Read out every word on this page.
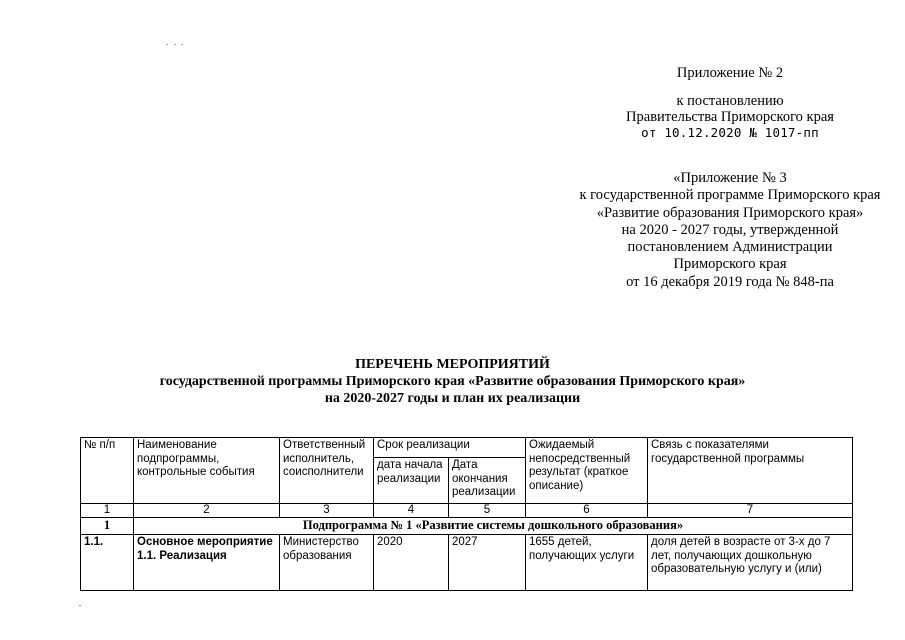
Приложение № 2
к постановлению
Правительства Приморского края
от 10.12.2020 № 1017-пп
«Приложение № 3
к государственной программе Приморского края
«Развитие образования Приморского края»
на 2020 - 2027 годы, утвержденной
постановлением Администрации
Приморского края
от 16 декабря 2019 года № 848-па
ПЕРЕЧЕНЬ МЕРОПРИЯТИЙ
государственной программы Приморского края «Развитие образования Приморского края»
на 2020-2027 годы и план их реализации
№ п/п	Наименование подпрограммы, контрольные события	Ответственный исполнитель, соисполнители	Срок реализации		Ожидаемый непосредственный результат (краткое описание)	Связь с показателями государственной программы
			дата начала реализации	Дата окончания реализации		
1	2	3	4	5	6	7
1	Подпрограмма № 1 «Развитие системы дошкольного образования»					
1.1.	Основное мероприятие 1.1. Реализация	Министерство образования	2020	2027	1655 детей, получающих услуги	доля детей в возрасте от 3-х до 7 лет, получающих дошкольную образовательную услугу и (или)
